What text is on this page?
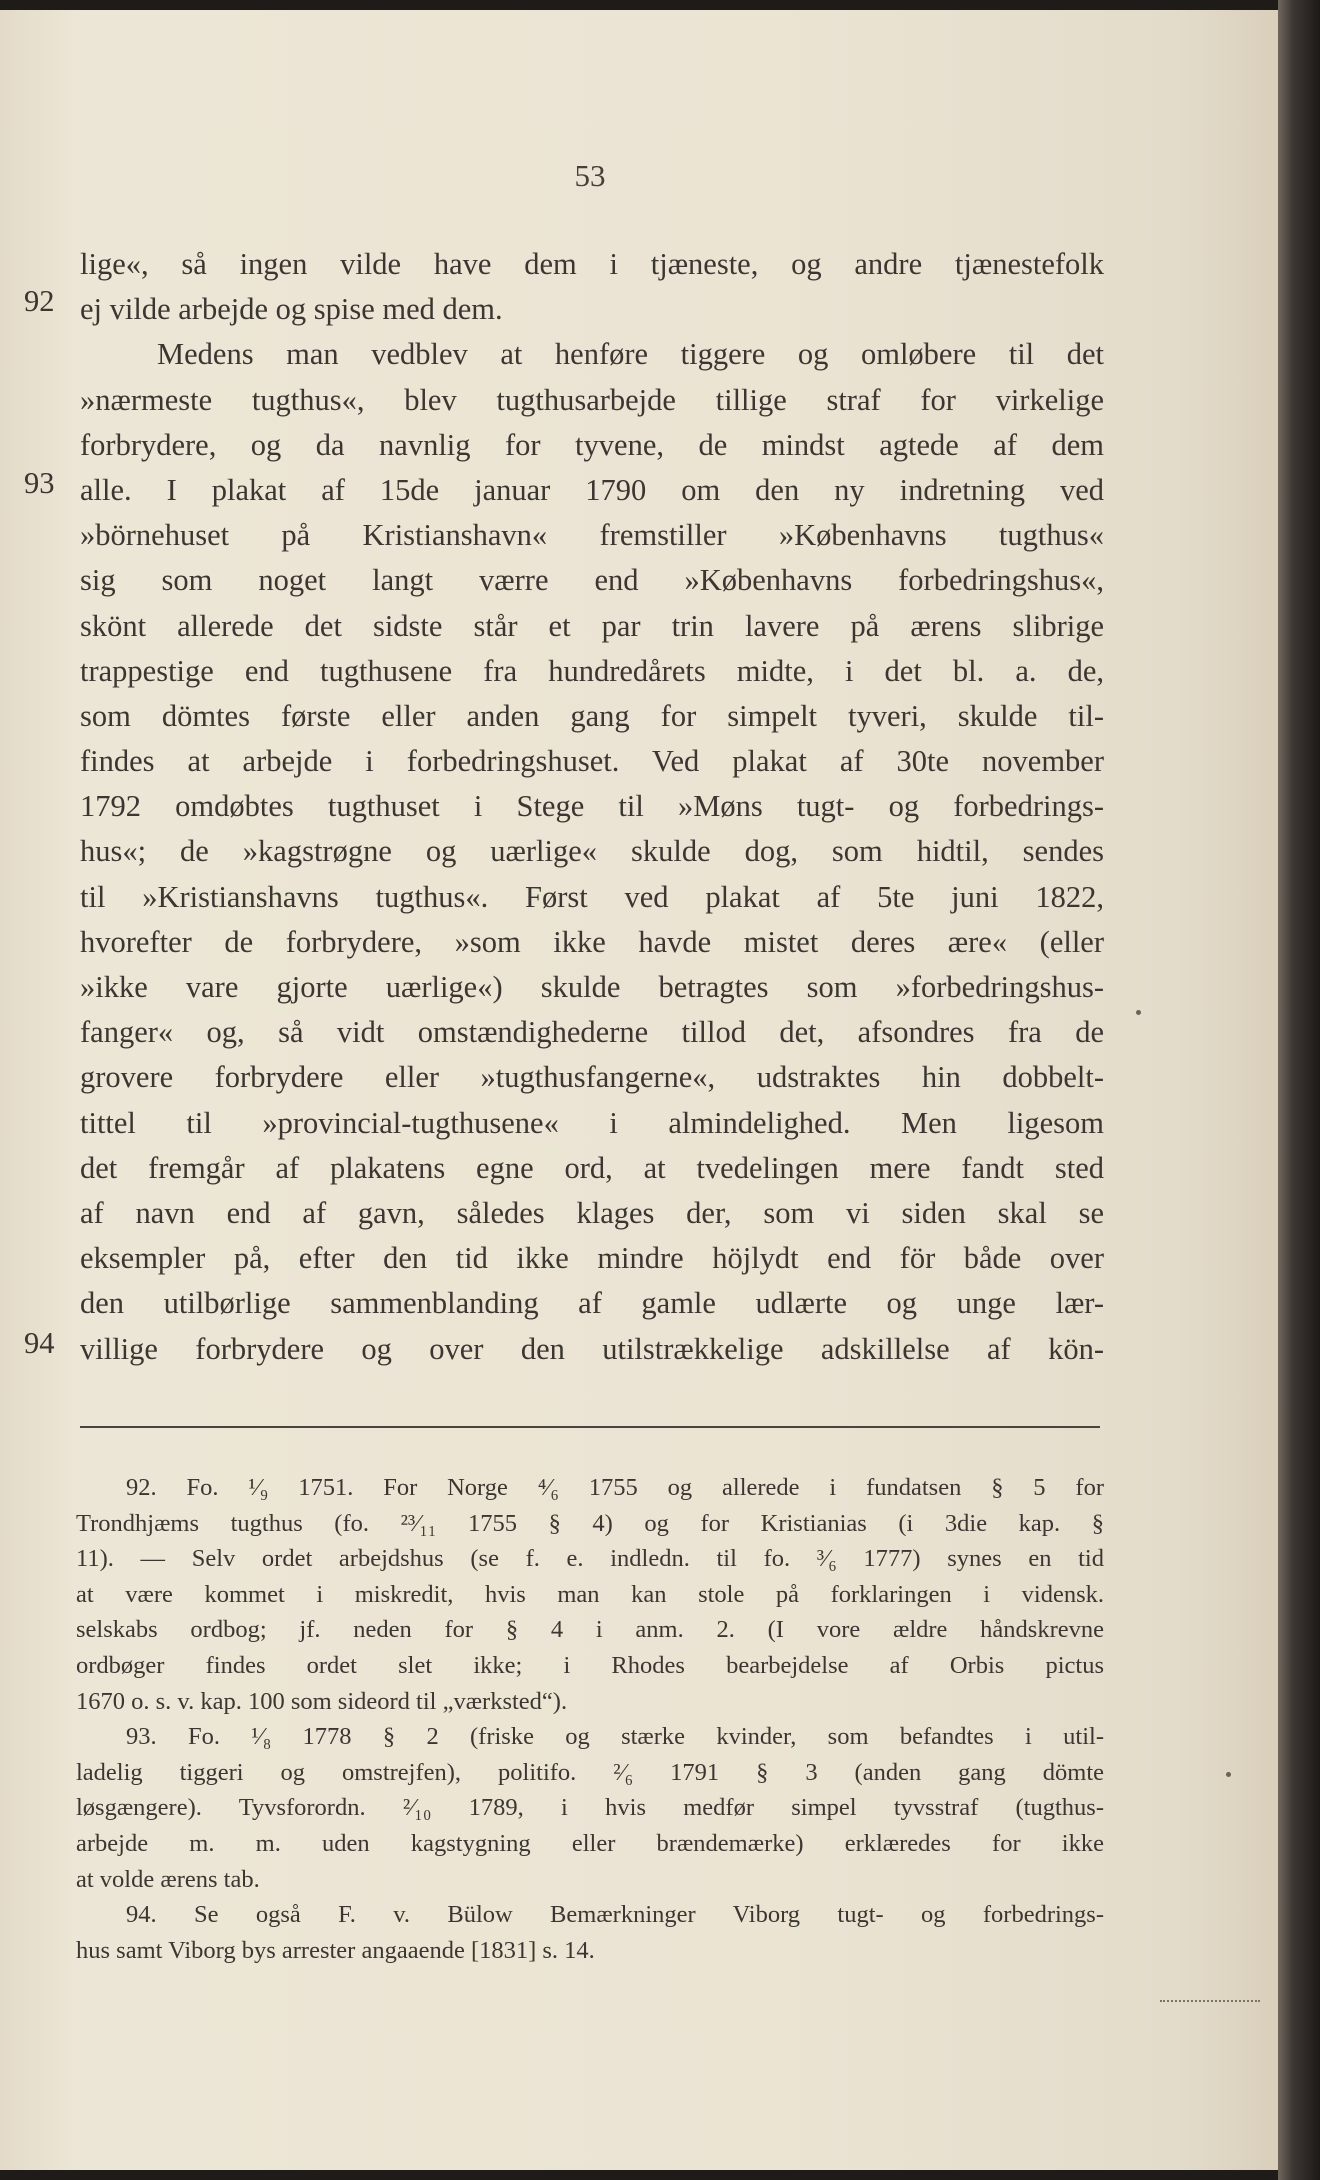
53
92
93
94
lige«, så ingen vilde have dem i tjæneste, og andre tjænestefolk
ej vilde arbejde og spise med dem.
Medens man vedblev at henføre tiggere og omløbere til det
»nærmeste tugthus«, blev tugthusarbejde tillige straf for virkelige
forbrydere, og da navnlig for tyvene, de mindst agtede af dem
alle. I plakat af 15de januar 1790 om den ny indretning ved
»börnehuset på Kristianshavn« fremstiller »Københavns tugthus«
sig som noget langt værre end »Københavns forbedringshus«,
skönt allerede det sidste står et par trin lavere på ærens slibrige
trappestige end tugthusene fra hundredårets midte, i det bl. a. de,
som dömtes første eller anden gang for simpelt tyveri, skulde til-
findes at arbejde i forbedringshuset. Ved plakat af 30te november
1792 omdøbtes tugthuset i Stege til »Møns tugt- og forbedrings-
hus«; de »kagstrøgne og uærlige« skulde dog, som hidtil, sendes
til »Kristianshavns tugthus«. Først ved plakat af 5te juni 1822,
hvorefter de forbrydere, »som ikke havde mistet deres ære« (eller
»ikke vare gjorte uærlige«) skulde betragtes som »forbedringshus-
fanger« og, så vidt omstændighederne tillod det, afsondres fra de
grovere forbrydere eller »tugthusfangerne«, udstraktes hin dobbelt-
tittel til »provincial-tugthusene« i almindelighed. Men ligesom
det fremgår af plakatens egne ord, at tvedelingen mere fandt sted
af navn end af gavn, således klages der, som vi siden skal se
eksempler på, efter den tid ikke mindre höjlydt end för både over
den utilbørlige sammenblanding af gamle udlærte og unge lær-
villige forbrydere og over den utilstrækkelige adskillelse af kön-
92. Fo. ¹⁄₉ 1751. For Norge ⁴⁄₆ 1755 og allerede i fundatsen § 5 for
Trondhjæms tugthus (fo. ²³⁄₁₁ 1755 § 4) og for Kristianias (i 3die kap. §
11). — Selv ordet arbejdshus (se f. e. indledn. til fo. ³⁄₆ 1777) synes en tid
at være kommet i miskredit, hvis man kan stole på forklaringen i vidensk.
selskabs ordbog; jf. neden for § 4 i anm. 2. (I vore ældre håndskrevne
ordbøger findes ordet slet ikke; i Rhodes bearbejdelse af Orbis pictus
1670 o. s. v. kap. 100 som sideord til „værksted“).
93. Fo. ¹⁄₈ 1778 § 2 (friske og stærke kvinder, som befandtes i util-
ladelig tiggeri og omstrejfen), politifo. ²⁄₆ 1791 § 3 (anden gang dömte
løsgængere). Tyvsforordn. ²⁄₁₀ 1789, i hvis medfør simpel tyvsstraf (tugthus-
arbejde m. m. uden kagstygning eller brændemærke) erklæredes for ikke
at volde ærens tab.
94. Se også F. v. Bülow Bemærkninger Viborg tugt- og forbedrings-
hus samt Viborg bys arrester angaaende [1831] s. 14.
